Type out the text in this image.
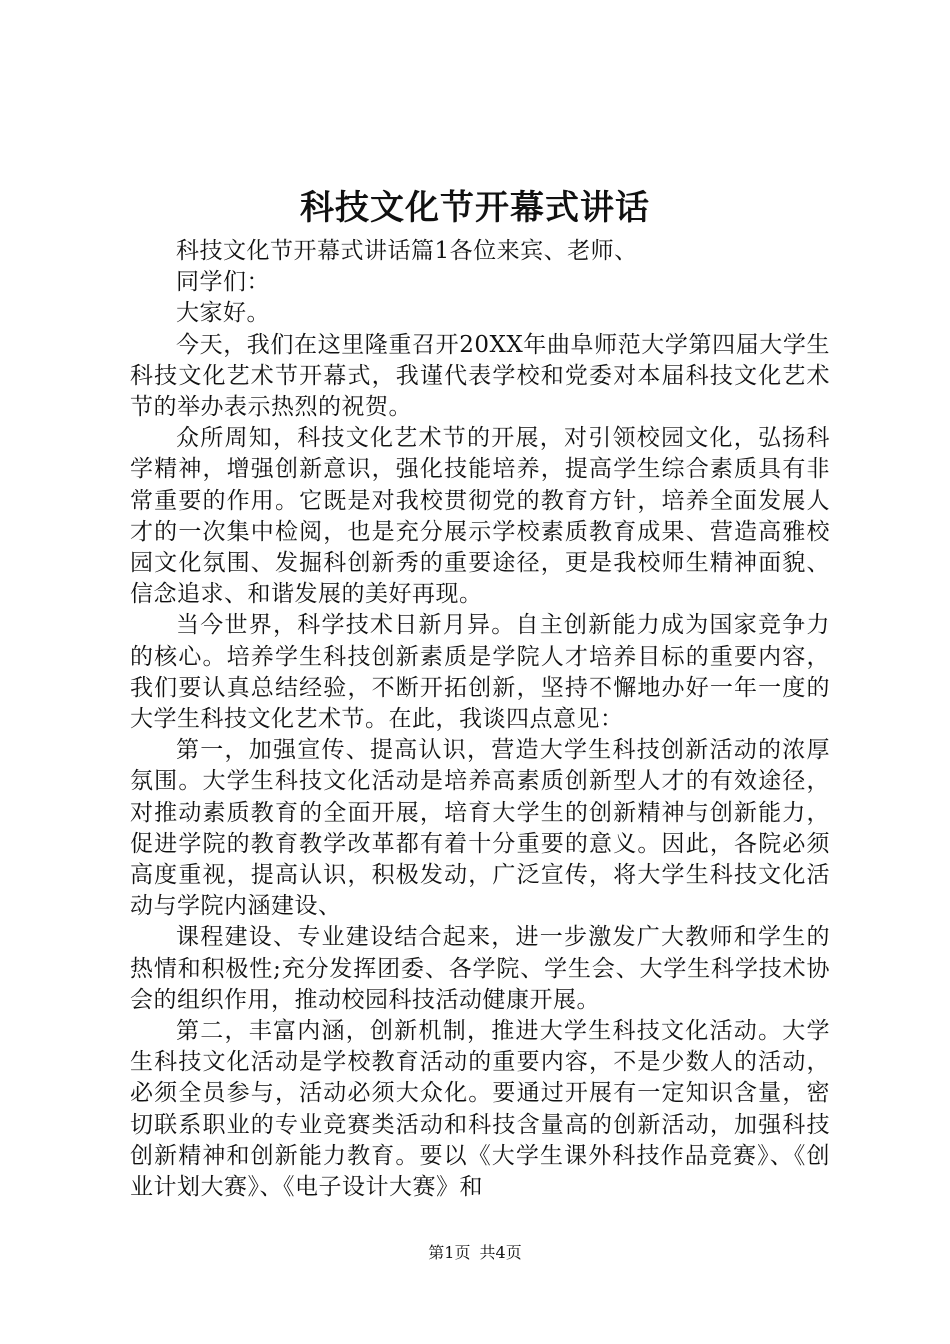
科技文化节开幕式讲话

科技文化节开幕式讲话篇1各位来宾、老师、

同学们：

大家好。

今天，我们在这里隆重召开20XX年曲阜师范大学第四届大学生科技文化艺术节开幕式，我谨代表学校和党委对本届科技文化艺术节的举办表示热烈的祝贺。

众所周知，科技文化艺术节的开展，对引领校园文化，弘扬科学精神，增强创新意识，强化技能培养，提高学生综合素质具有非常重要的作用。它既是对我校贯彻党的教育方针，培养全面发展人才的一次集中检阅，也是充分展示学校素质教育成果、营造高雅校园文化氛围、发掘科创新秀的重要途径，更是我校师生精神面貌、信念追求、和谐发展的美好再现。

当今世界，科学技术日新月异。自主创新能力成为国家竞争力的核心。培养学生科技创新素质是学院人才培养目标的重要内容，我们要认真总结经验，不断开拓创新，坚持不懈地办好一年一度的大学生科技文化艺术节。在此，我谈四点意见：

第一，加强宣传、提高认识，营造大学生科技创新活动的浓厚氛围。大学生科技文化活动是培养高素质创新型人才的有效途径，对推动素质教育的全面开展，培育大学生的创新精神与创新能力，促进学院的教育教学改革都有着十分重要的意义。因此，各院必须高度重视，提高认识，积极发动，广泛宣传，将大学生科技文化活动与学院内涵建设、

课程建设、专业建设结合起来，进一步激发广大教师和学生的热情和积极性;充分发挥团委、各学院、学生会、大学生科学技术协会的组织作用，推动校园科技活动健康开展。

第二，丰富内涵，创新机制，推进大学生科技文化活动。大学生科技文化活动是学校教育活动的重要内容，不是少数人的活动，必须全员参与，活动必须大众化。要通过开展有一定知识含量，密切联系职业的专业竞赛类活动和科技含量高的创新活动，加强科技创新精神和创新能力教育。要以《大学生课外科技作品竞赛》、《创业计划大赛》、《电子设计大赛》和

第1页 共4页
